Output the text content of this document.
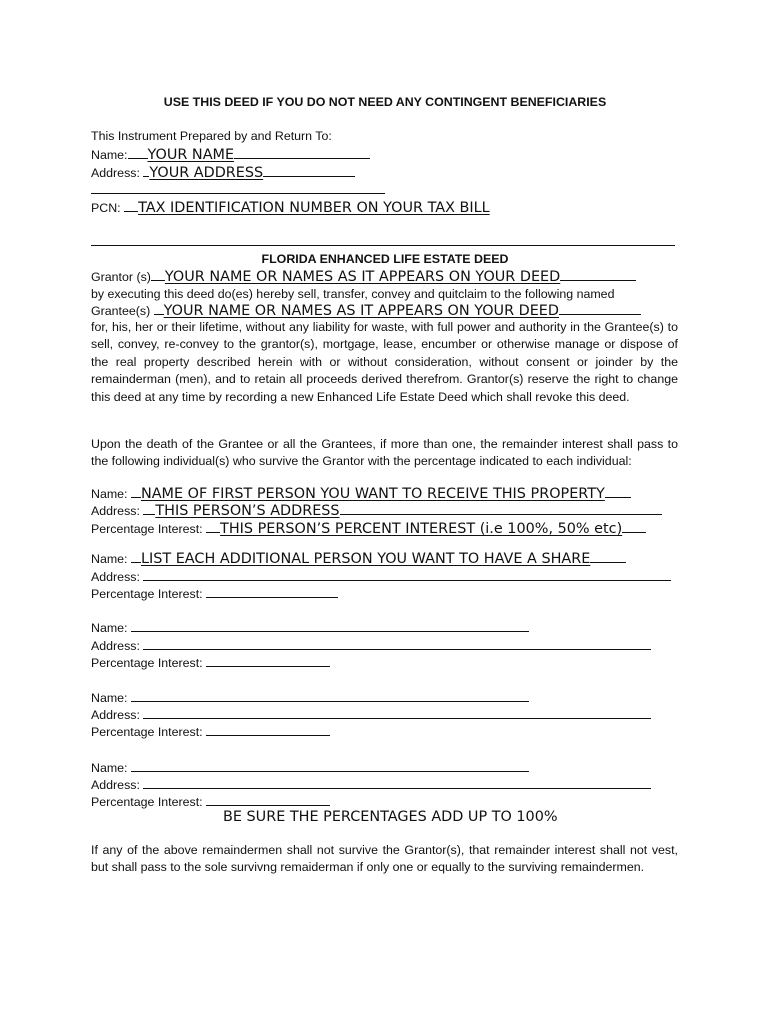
USE THIS DEED IF YOU DO NOT NEED ANY CONTINGENT BENEFICIARIES
This Instrument Prepared by and Return To:
Name: YOUR NAME
Address: YOUR ADDRESS
PCN: TAX IDENTIFICATION NUMBER ON YOUR TAX BILL
FLORIDA ENHANCED LIFE ESTATE DEED
Grantor (s) YOUR NAME OR NAMES AS IT APPEARS ON YOUR DEED
by executing this deed do(es) hereby sell, transfer, convey and quitclaim to the following named
Grantee(s) YOUR NAME OR NAMES AS IT APPEARS ON YOUR DEED
for, his, her or their lifetime, without any liability for waste, with full power and authority in the Grantee(s) to sell, convey, re-convey to the grantor(s), mortgage, lease, encumber or otherwise manage or dispose of the real property described herein with or without consideration, without consent or joinder by the remainderman (men), and to retain all proceeds derived therefrom. Grantor(s) reserve the right to change this deed at any time by recording a new Enhanced Life Estate Deed which shall revoke this deed.
Upon the death of the Grantee or all the Grantees, if more than one, the remainder interest shall pass to the following individual(s) who survive the Grantor with the percentage indicated to each individual:
Name: NAME OF FIRST PERSON YOU WANT TO RECEIVE THIS PROPERTY
Address: THIS PERSON’S ADDRESS
Percentage Interest: THIS PERSON’S PERCENT INTEREST (i.e 100%, 50% etc)
Name: LIST EACH ADDITIONAL PERSON YOU WANT TO HAVE A SHARE
Address:
Percentage Interest:
Name:
Address:
Percentage Interest:
Name:
Address:
Percentage Interest:
Name:
Address:
Percentage Interest:
BE SURE THE PERCENTAGES ADD UP TO 100%
If any of the above remaindermen shall not survive the Grantor(s), that remainder interest shall not vest, but shall pass to the sole survivng remaiderman if only one or equally to the surviving remaindermen.
